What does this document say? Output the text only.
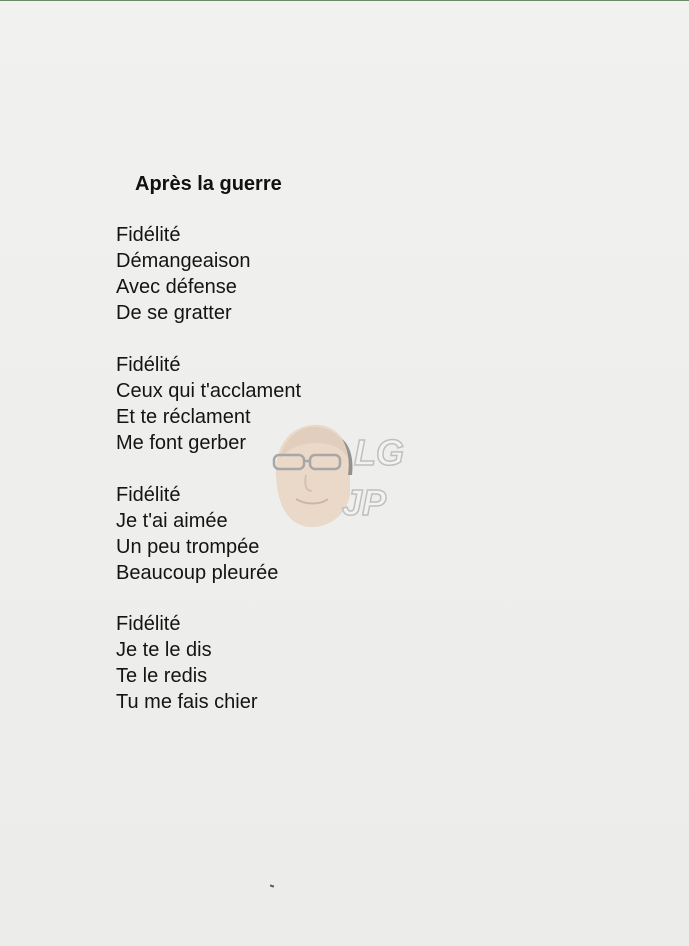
Après la guerre
Fidélité
Démangeaison
Avec défense
De se gratter
Fidélité
Ceux qui t'acclament
Et te réclament
Me font gerber
Fidélité
Je t'ai aimée
Un peu trompée
Beaucoup pleurée
Fidélité
Je te le dis
Te le redis
Tu me fais chier
LG
JP
